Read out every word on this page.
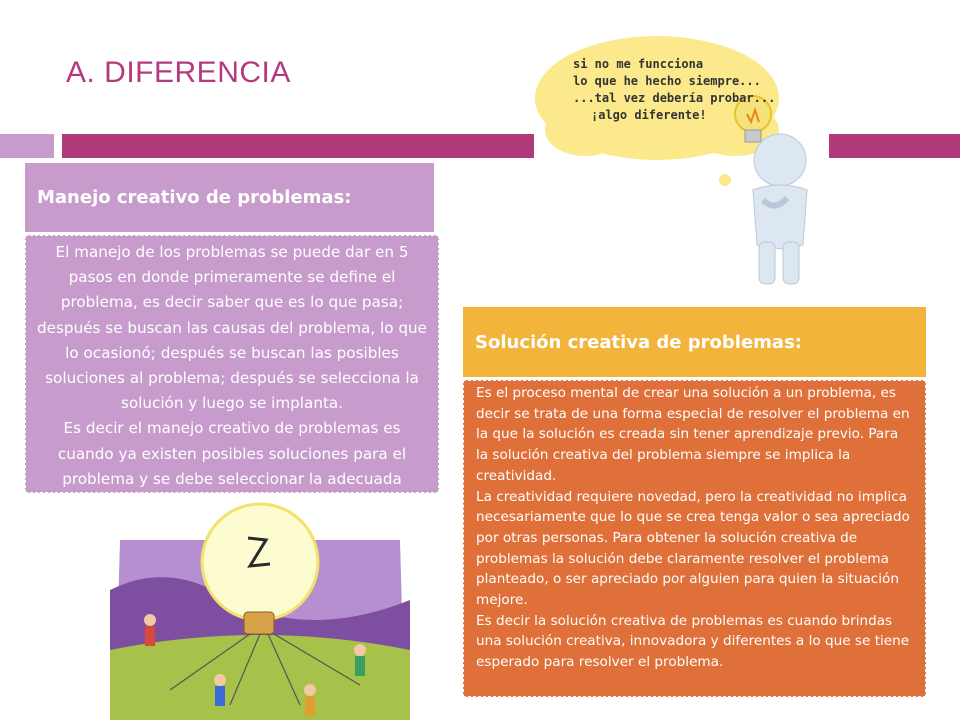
A. DIFERENCIA	si no me funcciona
lo que he hecho siempre...
...tal vez debería probar...
¡algo diferente!
Manejo creativo de problemas:

El manejo de los problemas se puede dar en 5 pasos en donde primeramente se define el problema, es decir saber que es lo que pasa; después se buscan las causas del problema, lo que lo ocasionó; después se buscan las posibles soluciones al problema; después se selecciona la solución y luego se implanta.

Es decir el manejo creativo de problemas es cuando ya existen posibles soluciones para el problema y se debe seleccionar la adecuada

Solución creativa de problemas:

Es el proceso mental de crear una solución a un problema, es decir se trata de una forma especial de resolver el problema en la que la solución es creada sin tener aprendizaje previo. Para la solución creativa del problema siempre se implica la creatividad.

La creatividad requiere novedad, pero la creatividad no implica necesariamente que lo que se crea tenga valor o sea apreciado por otras personas. Para obtener la solución creativa de problemas la solución debe claramente resolver el problema planteado, o ser apreciado por alguien para quien la situación mejore.

Es decir la solución creativa de problemas es cuando brindas una solución creativa, innovadora y diferentes a lo que se tiene esperado para resolver el problema.
